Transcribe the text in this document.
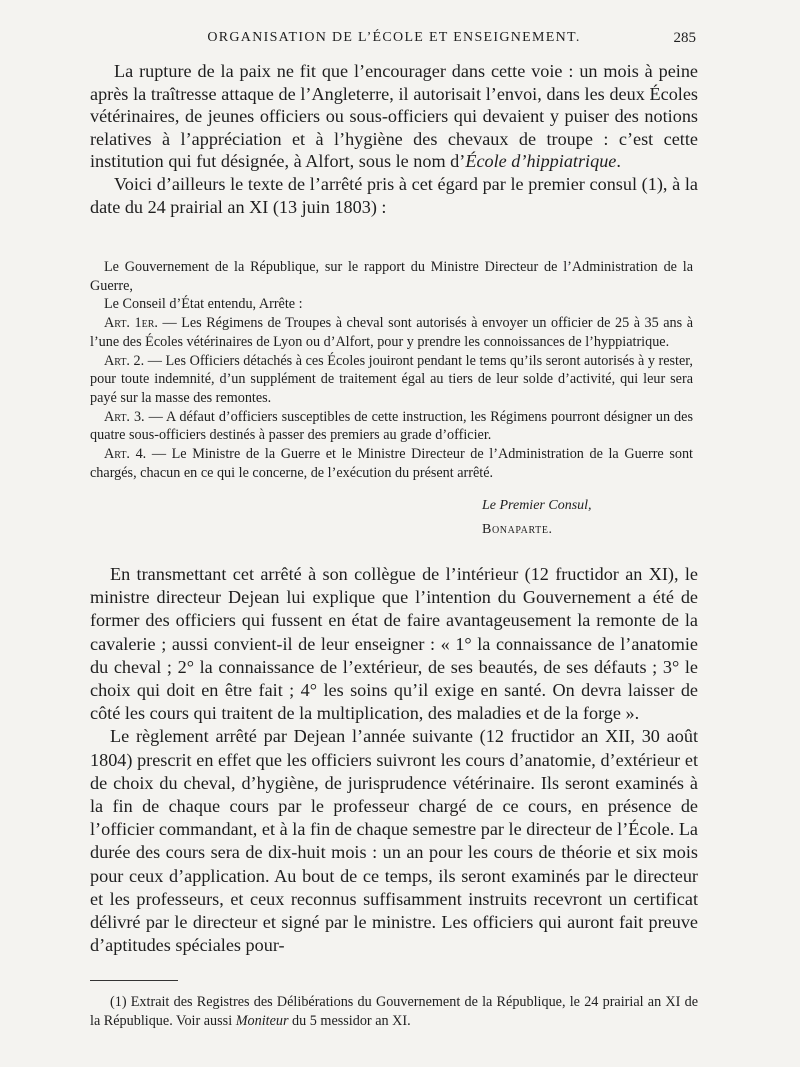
ORGANISATION DE L’ÉCOLE ET ENSEIGNEMENT.	285

La rupture de la paix ne fit que l’encourager dans cette voie : un mois à peine après la traîtresse attaque de l’Angleterre, il autorisait l’envoi, dans les deux Écoles vétérinaires, de jeunes officiers ou sous-officiers qui devaient y puiser des notions relatives à l’appréciation et à l’hygiène des chevaux de troupe : c’est cette institution qui fut désignée, à Alfort, sous le nom d’École d’hippiatrique.

Voici d’ailleurs le texte de l’arrêté pris à cet égard par le premier consul (1), à la date du 24 prairial an XI (13 juin 1803) :

Le Gouvernement de la République, sur le rapport du Ministre Directeur de l’Administration de la Guerre,

Le Conseil d’État entendu, Arrête :

Art. 1er. — Les Régimens de Troupes à cheval sont autorisés à envoyer un officier de 25 à 35 ans à l’une des Écoles vétérinaires de Lyon ou d’Alfort, pour y prendre les connoissances de l’hyppiatrique.

Art. 2. — Les Officiers détachés à ces Écoles jouiront pendant le tems qu’ils seront autorisés à y rester, pour toute indemnité, d’un supplément de traitement égal au tiers de leur solde d’activité, qui leur sera payé sur la masse des remontes.

Art. 3. — A défaut d’officiers susceptibles de cette instruction, les Régimens pourront désigner un des quatre sous-officiers destinés à passer des premiers au grade d’officier.

Art. 4. — Le Ministre de la Guerre et le Ministre Directeur de l’Administration de la Guerre sont chargés, chacun en ce qui le concerne, de l’exécution du présent arrêté.

Le Premier Consul,
Bonaparte.

En transmettant cet arrêté à son collègue de l’intérieur (12 fructidor an XI), le ministre directeur Dejean lui explique que l’intention du Gouvernement a été de former des officiers qui fussent en état de faire avantageusement la remonte de la cavalerie ; aussi convient-il de leur enseigner : « 1° la connaissance de l’anatomie du cheval ; 2° la connaissance de l’extérieur, de ses beautés, de ses défauts ; 3° le choix qui doit en être fait ; 4° les soins qu’il exige en santé. On devra laisser de côté les cours qui traitent de la multiplication, des maladies et de la forge ».

Le règlement arrêté par Dejean l’année suivante (12 fructidor an XII, 30 août 1804) prescrit en effet que les officiers suivront les cours d’anatomie, d’extérieur et de choix du cheval, d’hygiène, de jurisprudence vétérinaire. Ils seront examinés à la fin de chaque cours par le professeur chargé de ce cours, en présence de l’officier commandant, et à la fin de chaque semestre par le directeur de l’École. La durée des cours sera de dix-huit mois : un an pour les cours de théorie et six mois pour ceux d’application. Au bout de ce temps, ils seront examinés par le directeur et les professeurs, et ceux reconnus suffisamment instruits recevront un certificat délivré par le directeur et signé par le ministre. Les officiers qui auront fait preuve d’aptitudes spéciales pour-

(1) Extrait des Registres des Délibérations du Gouvernement de la République, le 24 prairial an XI de la République. Voir aussi Moniteur du 5 messidor an XI.
